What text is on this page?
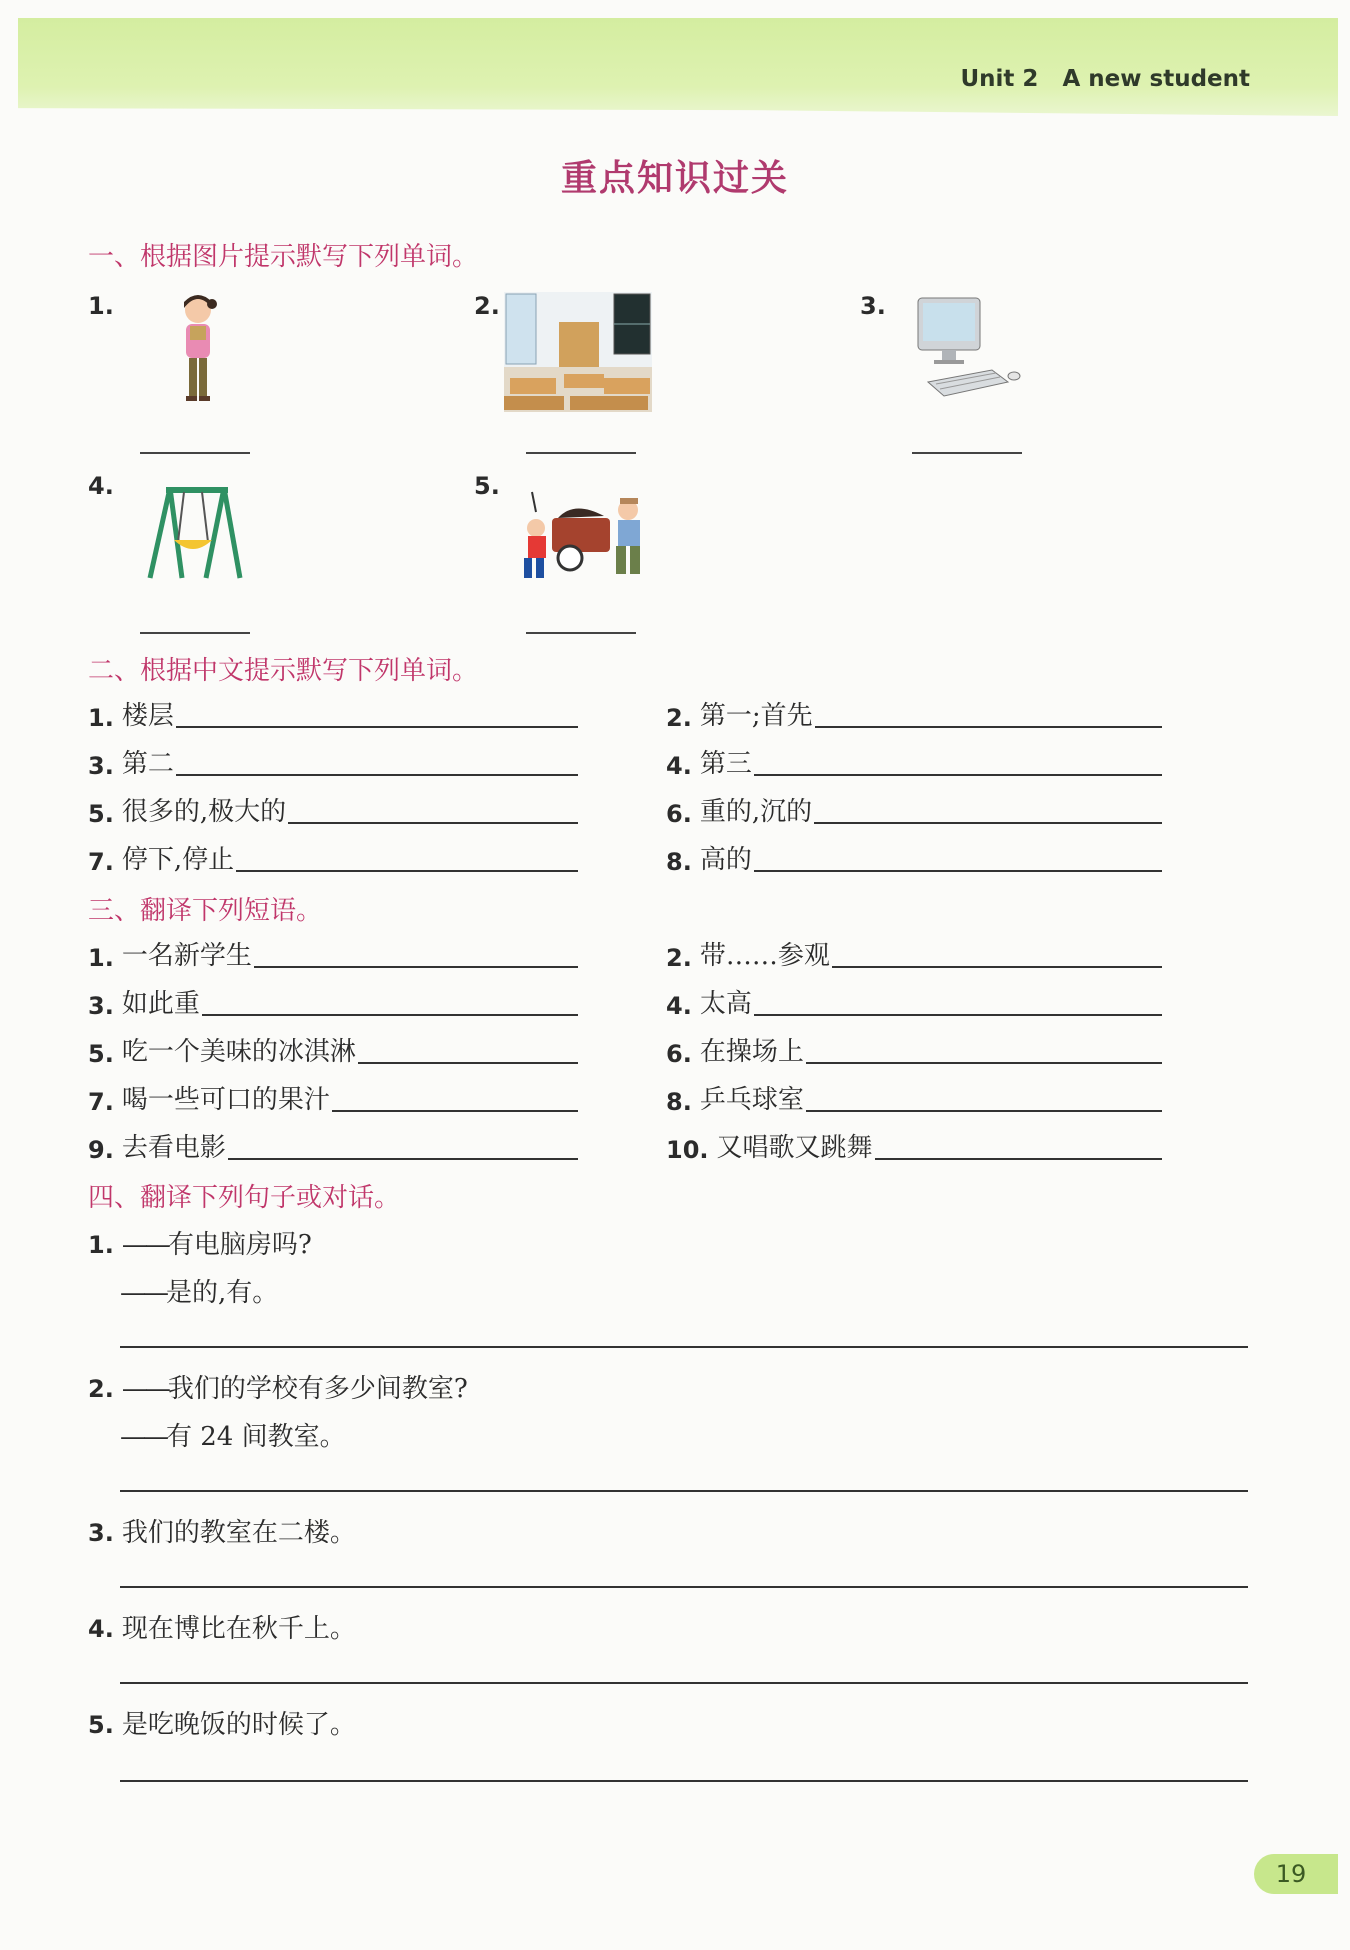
Unit 2 A new student
重点知识过关
一、根据图片提示默写下列单词。
1.	2.	3.
4.	5.
二、根据中文提示默写下列单词。
1. 楼层	2. 第一;首先
3. 第二	4. 第三
5. 很多的,极大的	6. 重的,沉的
7. 停下,停止	8. 高的
三、翻译下列短语。
1. 一名新学生	2. 带……参观
3. 如此重	4. 太高
5. 吃一个美味的冰淇淋	6. 在操场上
7. 喝一些可口的果汁	8. 乒乓球室
9. 去看电影	10. 又唱歌又跳舞
四、翻译下列句子或对话。
1. ——有电脑房吗?
——是的,有。
2. ——我们的学校有多少间教室?
——有 24 间教室。
3. 我们的教室在二楼。
4. 现在博比在秋千上。
5. 是吃晚饭的时候了。
19
